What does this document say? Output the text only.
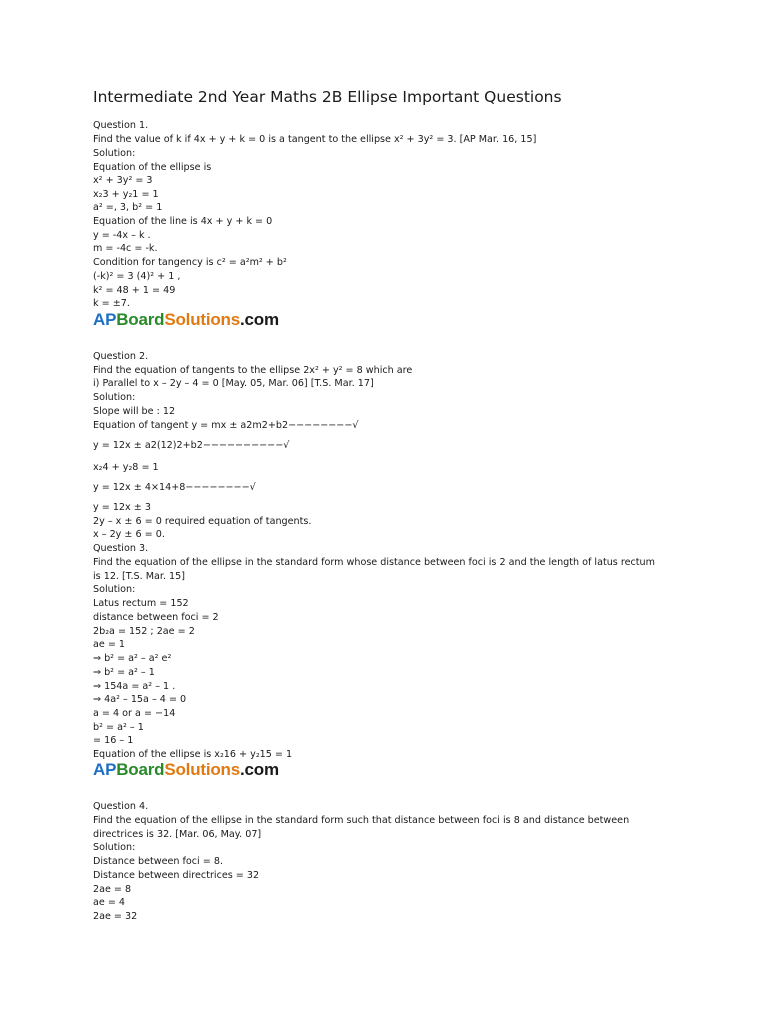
Intermediate 2nd Year Maths 2B Ellipse Important Questions
Question 1.
Find the value of k if 4x + y + k = 0 is a tangent to the ellipse x² + 3y² = 3. [AP Mar. 16, 15]
Solution:
Equation of the ellipse is
x² + 3y² = 3
x₂3 + y₂1 = 1
a² =, 3, b² = 1
Equation of the line is 4x + y + k = 0
y = -4x – k .
m = -4c = -k.
Condition for tangency is c² = a²m² + b²
(-k)² = 3 (4)² + 1 ,
k² = 48 + 1 = 49
k = ±7.
APBoardSolutions.com
Question 2.
Find the equation of tangents to the ellipse 2x² + y² = 8 which are
i) Parallel to x – 2y – 4 = 0 [May. 05, Mar. 06] [T.S. Mar. 17]
Solution:
Slope will be : 12
Equation of tangent y = mx ± a2m2+b2−−−−−−−−√
y = 12x ± a2(12)2+b2−−−−−−−−−−√
x₂4 + y₂8 = 1
y = 12x ± 4×14+8−−−−−−−−√
y = 12x ± 3
2y – x ± 6 = 0 required equation of tangents.
x – 2y ± 6 = 0.
Question 3.
Find the equation of the ellipse in the standard form whose distance between foci is 2 and the length of latus rectum
is 12. [T.S. Mar. 15]
Solution:
Latus rectum = 152
distance between foci = 2
2b₂a = 152 ; 2ae = 2
ae = 1
⇒ b² = a² – a² e²
⇒ b² = a² – 1
⇒ 154a = a² – 1 .
⇒ 4a² – 15a – 4 = 0
a = 4 or a = −14
b² = a² – 1
= 16 – 1
Equation of the ellipse is x₂16 + y₂15 = 1
APBoardSolutions.com
Question 4.
Find the equation of the ellipse in the standard form such that distance between foci is 8 and distance between
directrices is 32. [Mar. 06, May. 07]
Solution:
Distance between foci = 8.
Distance between directrices = 32
2ae = 8
ae = 4
2ae = 32
